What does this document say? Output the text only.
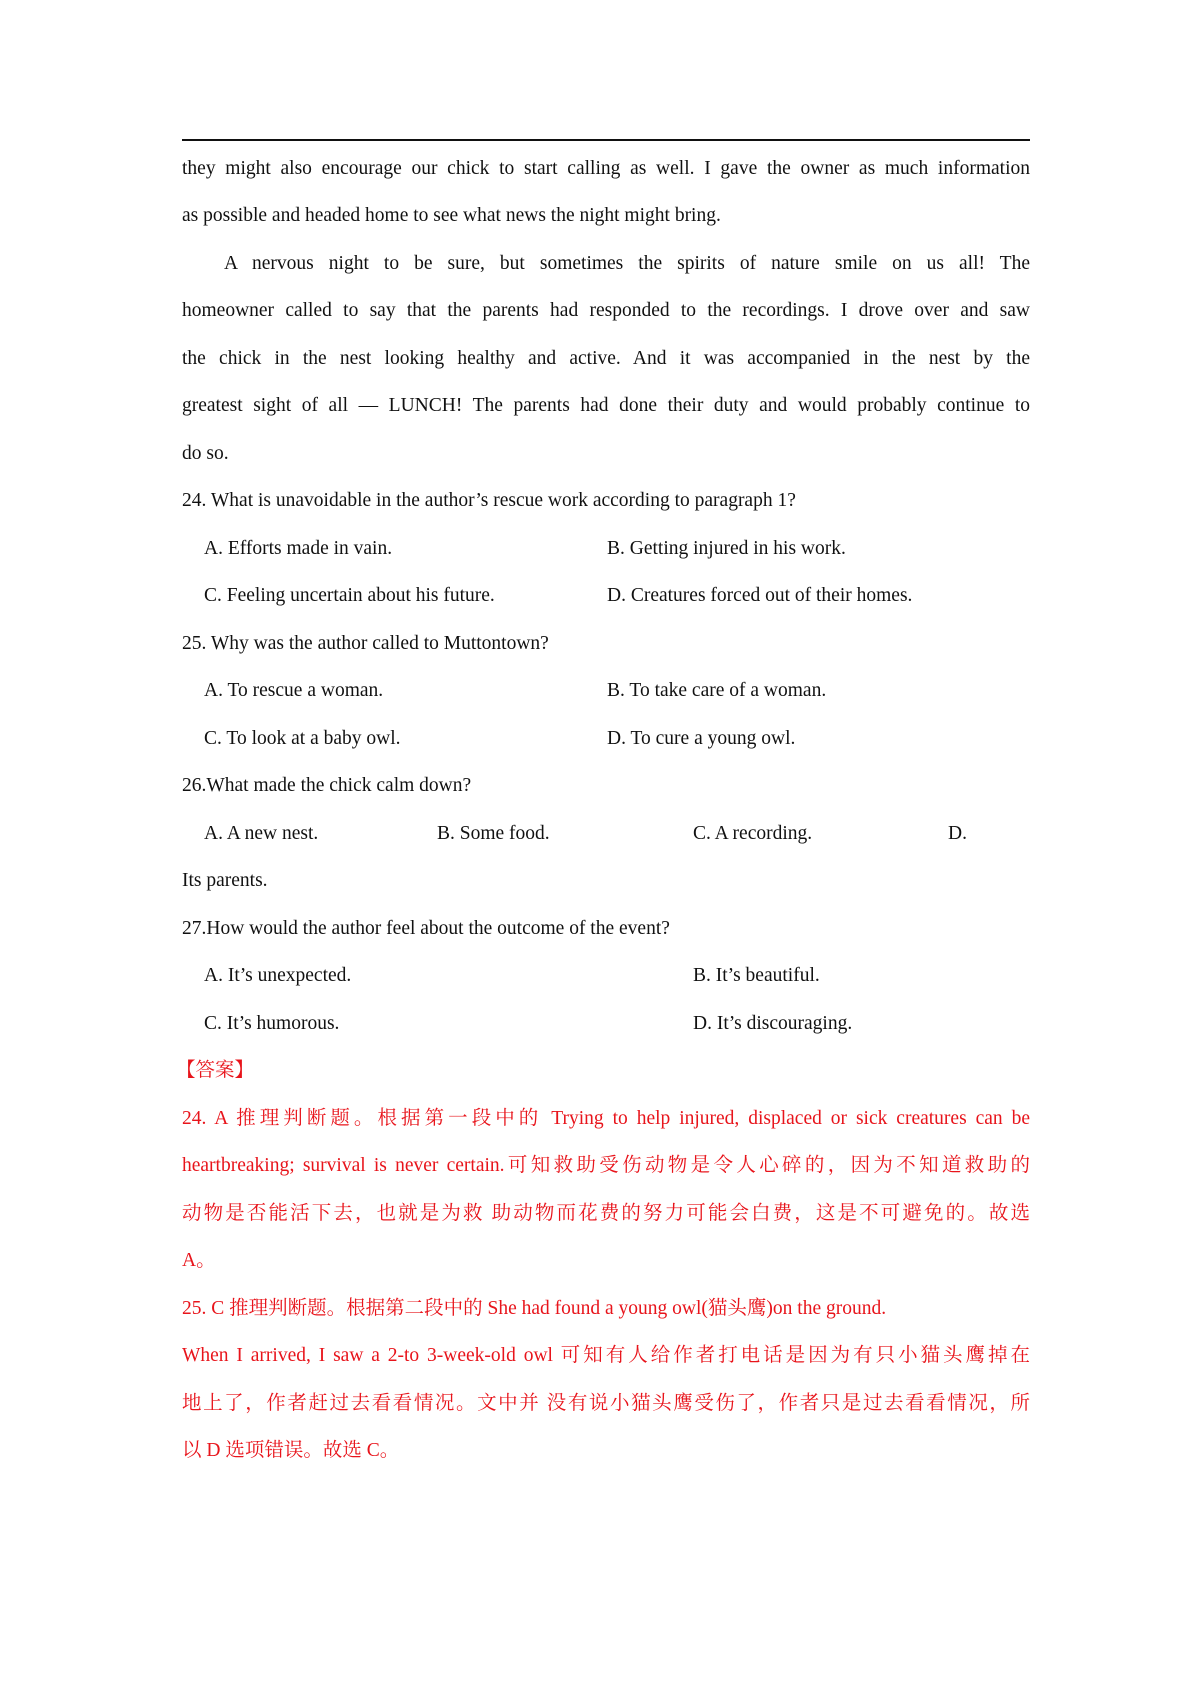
they might also encourage our chick to start calling as well. I gave the owner as much information
as possible and headed home to see what news the night might bring.
A nervous night to be sure, but sometimes the spirits of nature smile on us all! The
homeowner called to say that the parents had responded to the recordings. I drove over and saw
the chick in the nest looking healthy and active. And it was accompanied in the nest by the
greatest sight of all — LUNCH! The parents had done their duty and would probably continue to
do so.
24. What is unavoidable in the author’s rescue work according to paragraph 1?
A. Efforts made in vain.	B. Getting injured in his work.
C. Feeling uncertain about his future.	D. Creatures forced out of their homes.
25. Why was the author called to Muttontown?
A. To rescue a woman.	B. To take care of a woman.
C. To look at a baby owl.	D. To cure a young owl.
26.What made the chick calm down?
A. A new nest.	B. Some food.	C. A recording.	D.
Its parents.
27.How would the author feel about the outcome of the event?
A. It’s unexpected.	B. It’s beautiful.
C. It’s humorous.	D. It’s discouraging.
【答案】
24. A 推理判断题。根据第一段中的 Trying to help injured, displaced or sick creatures can be
heartbreaking; survival is never certain.可知救助受伤动物是令人心碎的，因为不知道救助的
动物是否能活下去，也就是为救 助动物而花费的努力可能会白费，这是不可避免的。故选
A。
25. C 推理判断题。根据第二段中的 She had found a young owl(猫头鹰)on the ground.
When I arrived, I saw a 2-to 3-week-old owl 可知有人给作者打电话是因为有只小猫头鹰掉在
地上了，作者赶过去看看情况。文中并 没有说小猫头鹰受伤了，作者只是过去看看情况，所
以 D 选项错误。故选 C。
